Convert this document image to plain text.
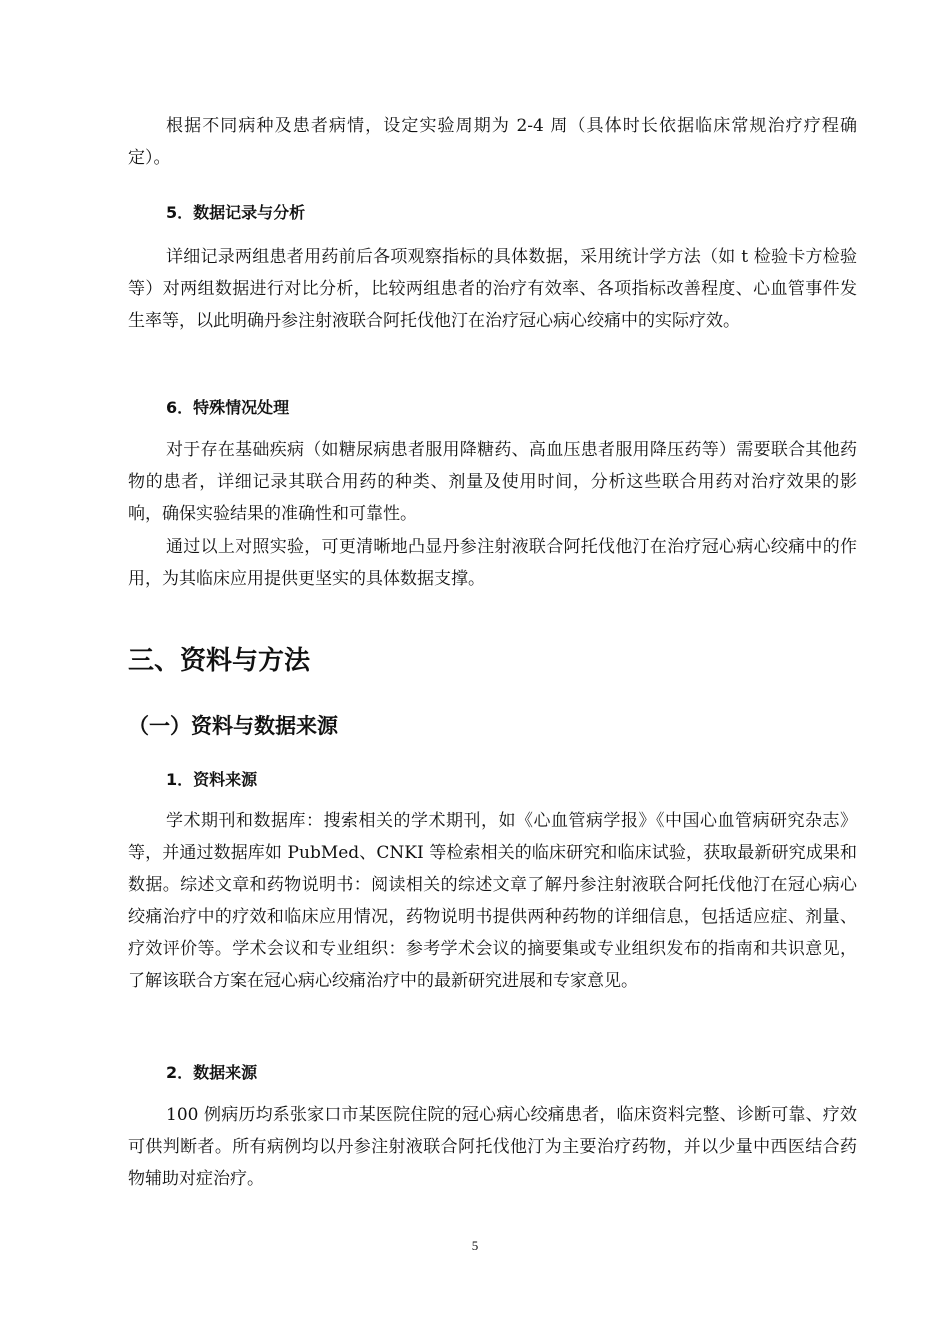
根据不同病种及患者病情，设定实验周期为 2-4 周（具体时长依据临床常规治疗疗程确定）。

5．数据记录与分析

详细记录两组患者用药前后各项观察指标的具体数据，采用统计学方法（如 t 检验卡方检验等）对两组数据进行对比分析，比较两组患者的治疗有效率、各项指标改善程度、心血管事件发生率等，以此明确丹参注射液联合阿托伐他汀在治疗冠心病心绞痛中的实际疗效。

6．特殊情况处理

对于存在基础疾病（如糖尿病患者服用降糖药、高血压患者服用降压药等）需要联合其他药物的患者，详细记录其联合用药的种类、剂量及使用时间，分析这些联合用药对治疗效果的影响，确保实验结果的准确性和可靠性。

通过以上对照实验，可更清晰地凸显丹参注射液联合阿托伐他汀在治疗冠心病心绞痛中的作用，为其临床应用提供更坚实的具体数据支撑。

三、资料与方法
（一）资料与数据来源
1．资料来源

学术期刊和数据库：搜索相关的学术期刊，如《心血管病学报》《中国心血管病研究杂志》等，并通过数据库如 PubMed、CNKI 等检索相关的临床研究和临床试验，获取最新研究成果和数据。综述文章和药物说明书：阅读相关的综述文章了解丹参注射液联合阿托伐他汀在冠心病心绞痛治疗中的疗效和临床应用情况，药物说明书提供两种药物的详细信息，包括适应症、剂量、疗效评价等。学术会议和专业组织：参考学术会议的摘要集或专业组织发布的指南和共识意见，了解该联合方案在冠心病心绞痛治疗中的最新研究进展和专家意见。

2．数据来源

100 例病历均系张家口市某医院住院的冠心病心绞痛患者，临床资料完整、诊断可靠、疗效可供判断者。所有病例均以丹参注射液联合阿托伐他汀为主要治疗药物，并以少量中西医结合药物辅助对症治疗。

5
